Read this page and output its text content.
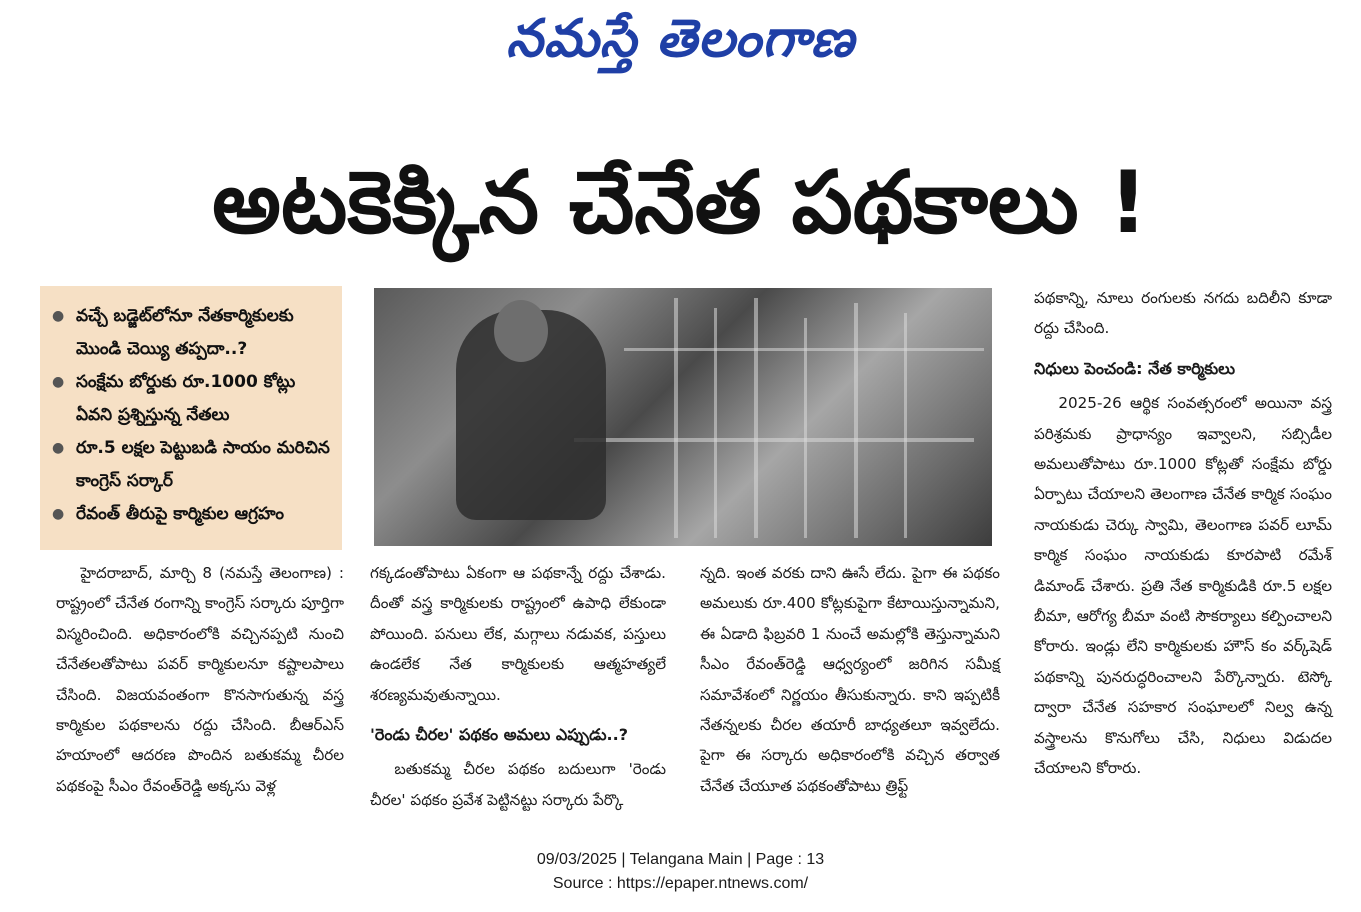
నమస్తే తెలంగాణ
అటకెక్కిన చేనేత పథకాలు !
● వచ్చే బడ్జెట్‌లోనూ నేతకార్మికులకు మొండి చెయ్యి తప్పదా..?
● సంక్షేమ బోర్డుకు రూ.1000 కోట్లు ఏవని ప్రశ్నిస్తున్న నేతలు
● రూ.5 లక్షల పెట్టుబడి సాయం మరిచిన కాంగ్రెస్ సర్కార్
● రేవంత్ తీరుపై కార్మికుల ఆగ్రహం

హైదరాబాద్, మార్చి 8 (నమస్తే తెలంగాణ) : రాష్ట్రంలో చేనేత రంగాన్ని కాంగ్రెస్ సర్కారు పూర్తిగా విస్మరించింది. అధికారంలోకి వచ్చినప్పటి నుంచి చేనేతలతోపాటు పవర్ కార్మికులనూ కష్టాలపాలు చేసింది. విజయవంతంగా కొనసాగుతున్న వస్త్ర కార్మికుల పథకాలను రద్దు చేసింది. బీఆర్ఎస్ హయాంలో ఆదరణ పొందిన బతుకమ్మ చీరల పథకంపై సీఎం రేవంత్‌రెడ్డి అక్కసు వెళ్ల

గక్కడంతోపాటు ఏకంగా ఆ పథకాన్నే రద్దు చేశాడు. దీంతో వస్త్ర కార్మికులకు రాష్ట్రంలో ఉపాధి లేకుండా పోయింది. పనులు లేక, మగ్గాలు నడువక, పస్తులు ఉండలేక నేత కార్మికులకు ఆత్మహత్యలే శరణ్యమవుతున్నాయి.

'రెండు చీరల' పథకం అమలు ఎప్పుడు..?

బతుకమ్మ చీరల పథకం బదులుగా 'రెండు చీరల' పథకం ప్రవేశ పెట్టినట్టు సర్కారు పేర్కొ

న్నది. ఇంత వరకు దాని ఊసే లేదు. పైగా ఈ పథకం అమలుకు రూ.400 కోట్లకుపైగా కేటాయిస్తున్నామని, ఈ ఏడాది ఫిబ్రవరి 1 నుంచే అమల్లోకి తెస్తున్నామని సీఎం రేవంత్‌రెడ్డి ఆధ్వర్యంలో జరిగిన సమీక్ష సమావేశంలో నిర్ణయం తీసుకున్నారు. కాని ఇప్పటికీ నేతన్నలకు చీరల తయారీ బాధ్యతలూ ఇవ్వలేదు. పైగా ఈ సర్కారు అధికారంలోకి వచ్చిన తర్వాత చేనేత చేయూత పథకంతోపాటు త్రిఫ్ట్

పథకాన్ని, నూలు రంగులకు నగదు బదిలీని కూడా రద్దు చేసింది.

నిధులు పెంచండి: నేత కార్మికులు

2025-26 ఆర్థిక సంవత్సరంలో అయినా వస్త్ర పరిశ్రమకు ప్రాధాన్యం ఇవ్వాలని, సబ్సిడీల అమలుతోపాటు రూ.1000 కోట్లతో సంక్షేమ బోర్డు ఏర్పాటు చేయాలని తెలంగాణ చేనేత కార్మిక సంఘం నాయకుడు చెర్కు స్వామి, తెలంగాణ పవర్ లూమ్ కార్మిక సంఘం నాయకుడు కూరపాటి రమేశ్ డిమాండ్ చేశారు. ప్రతి నేత కార్మికుడికి రూ.5 లక్షల బీమా, ఆరోగ్య బీమా వంటి సౌకర్యాలు కల్పించాలని కోరారు. ఇండ్లు లేని కార్మికులకు హౌస్ కం వర్క్‌షెడ్ పథకాన్ని పునరుద్ధరించాలని పేర్కొన్నారు. టెస్కో ద్వారా చేనేత సహకార సంఘాలలో నిల్వ ఉన్న వస్త్రాలను కొనుగోలు చేసి, నిధులు విడుదల చేయాలని కోరారు.

09/03/2025 | Telangana Main | Page : 13
Source : https://epaper.ntnews.com/
